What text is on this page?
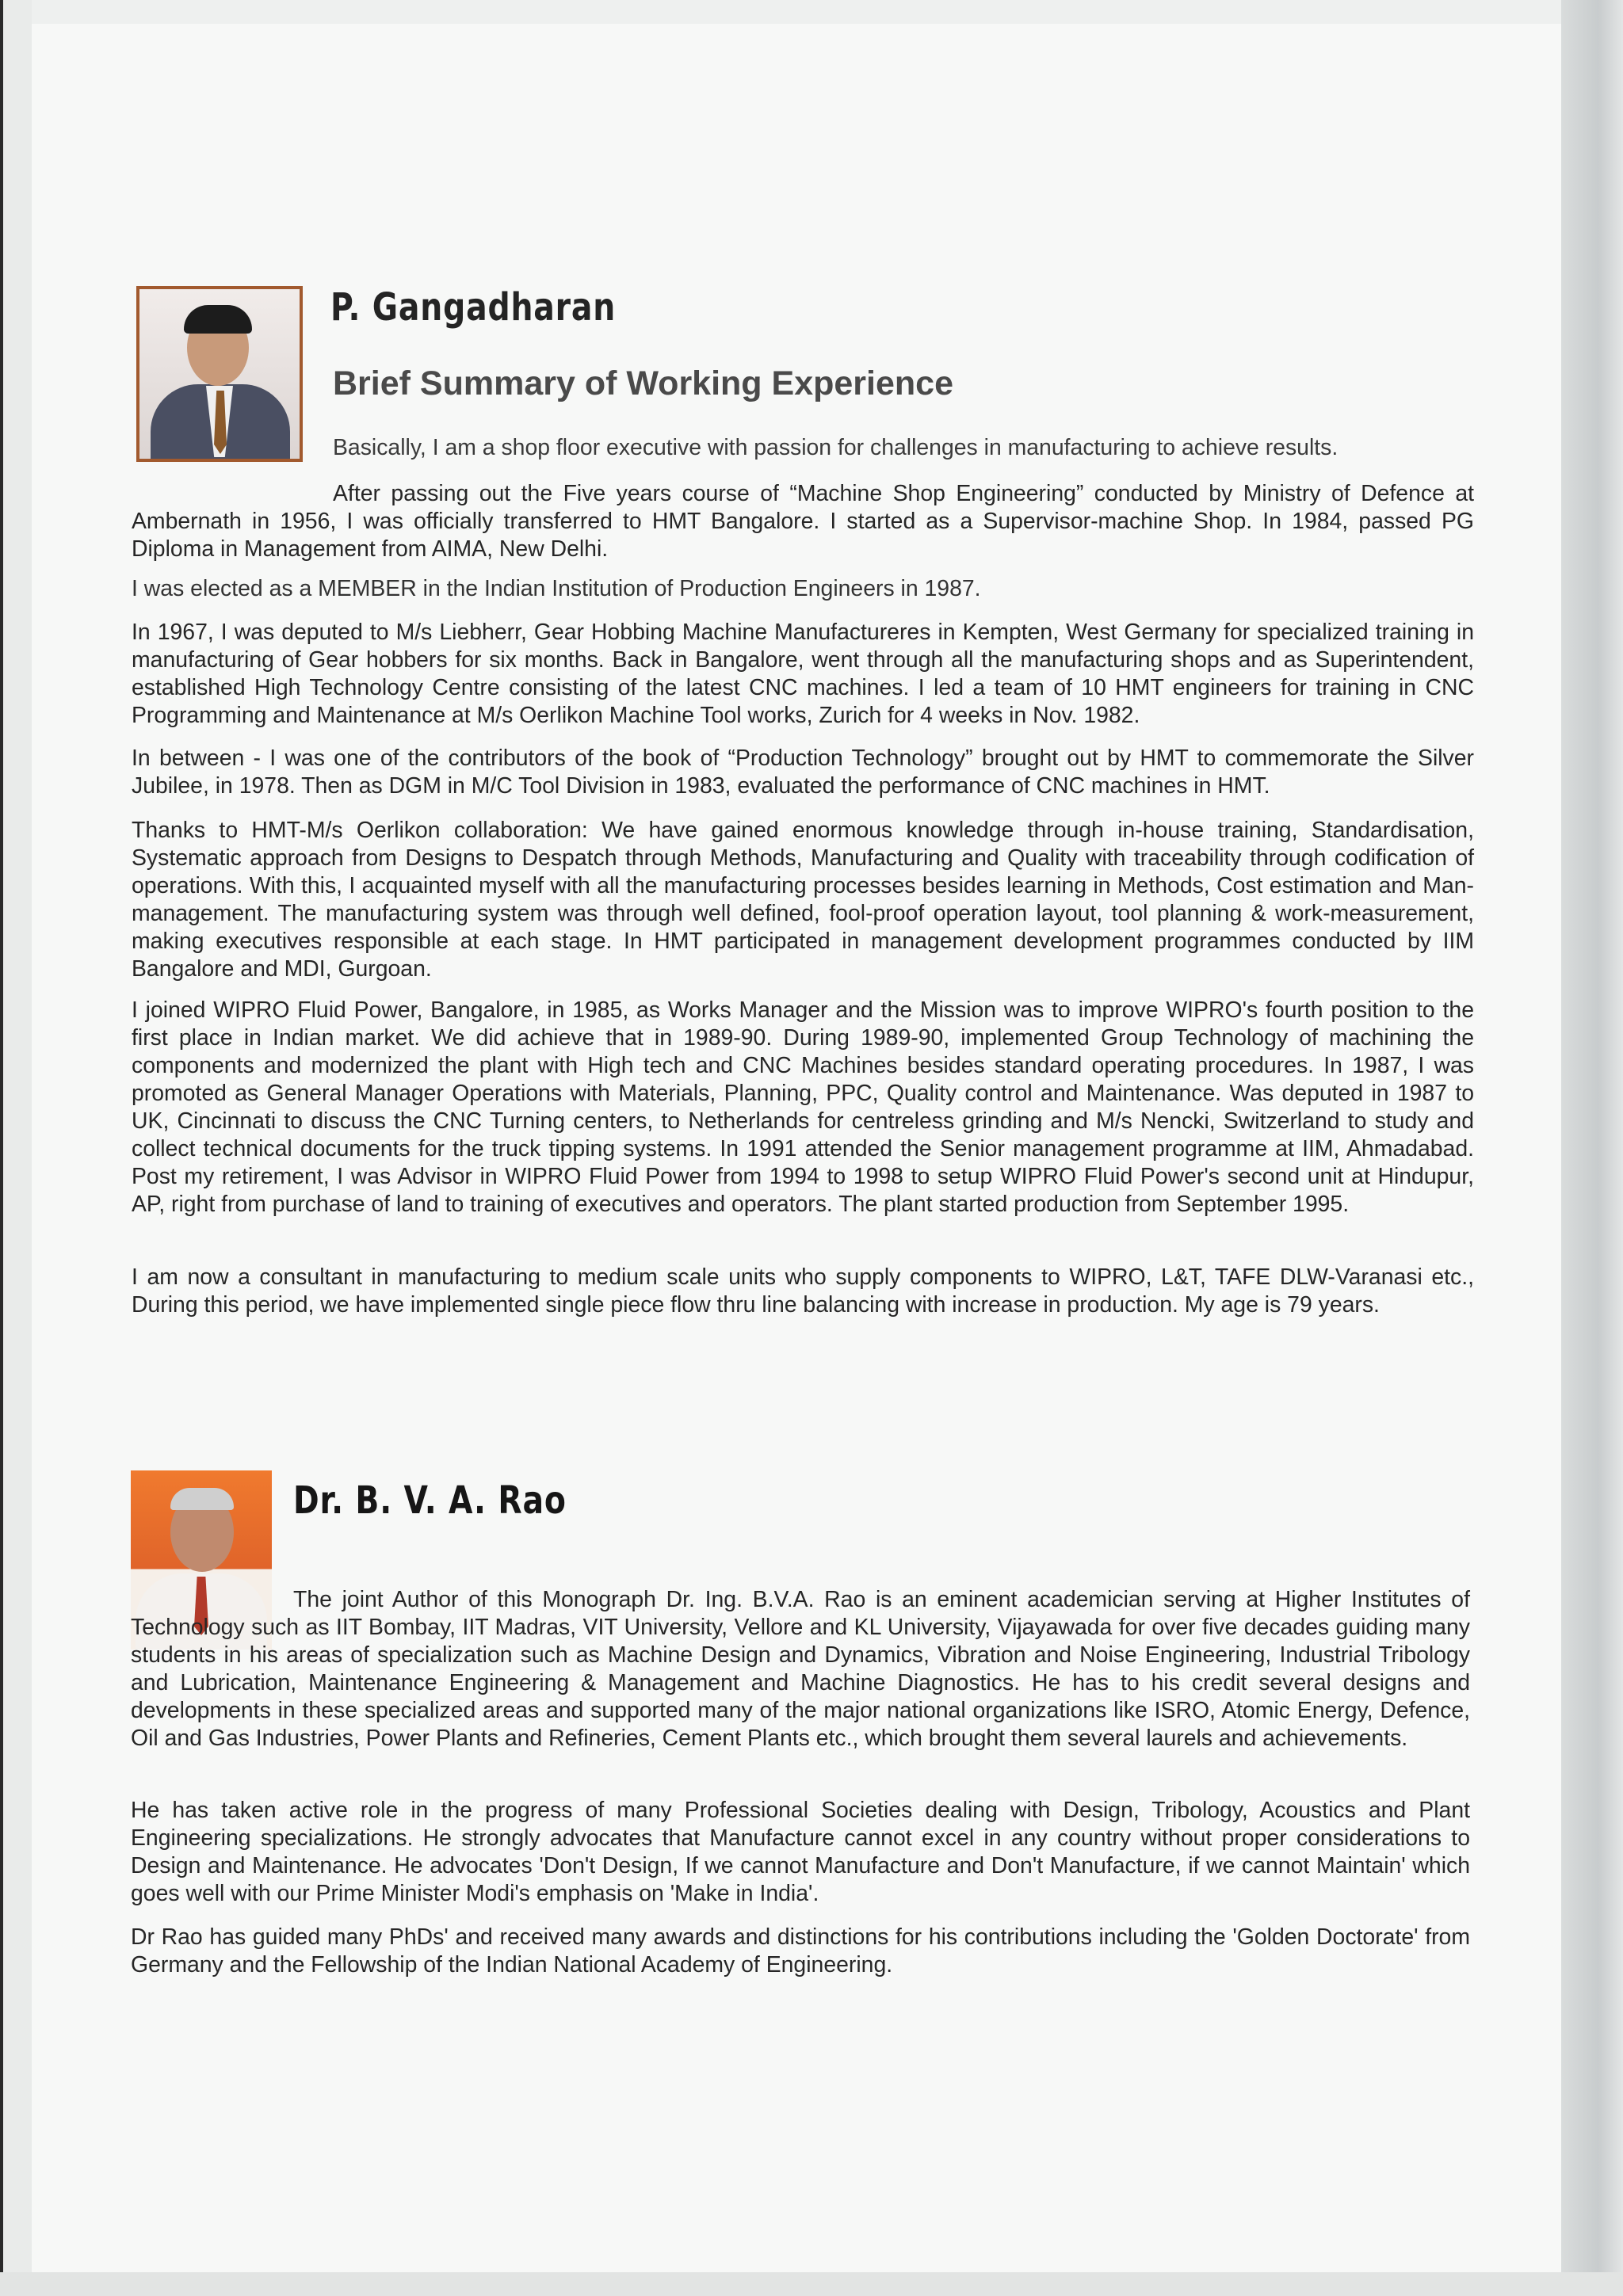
P. Gangadharan
Brief Summary of Working Experience

Basically, I am a shop floor executive with passion for challenges in manufacturing to achieve results.

After passing out the Five years course of “Machine Shop Engineering” conducted by Ministry of Defence at Ambernath in 1956, I was officially transferred to HMT Bangalore. I started as a Supervisor-machine Shop. In 1984, passed PG Diploma in Management from AIMA, New Delhi.

I was elected as a MEMBER in the Indian Institution of Production Engineers in 1987.

In 1967, I was deputed to M/s Liebherr, Gear Hobbing Machine Manufactureres in Kempten, West Germany for specialized training in manufacturing of Gear hobbers for six months. Back in Bangalore, went through all the manufacturing shops and as Superintendent, established High Technology Centre consisting of the latest CNC machines. I led a team of 10 HMT engineers for training in CNC Programming and Maintenance at M/s Oerlikon Machine Tool works, Zurich for 4 weeks in Nov. 1982.

In between - I was one of the contributors of the book of “Production Technology” brought out by HMT to commemorate the Silver Jubilee, in 1978. Then as DGM in M/C Tool Division in 1983, evaluated the performance of CNC machines in HMT.

Thanks to HMT-M/s Oerlikon collaboration: We have gained enormous knowledge through in-house training, Standardisation, Systematic approach from Designs to Despatch through Methods, Manufacturing and Quality with traceability through codification of operations. With this, I acquainted myself with all the manufacturing processes besides learning in Methods, Cost estimation and Man-management. The manufacturing system was through well defined, fool-proof operation layout, tool planning & work-measurement, making executives responsible at each stage. In HMT participated in management development programmes conducted by IIM Bangalore and MDI, Gurgoan.

I joined WIPRO Fluid Power, Bangalore, in 1985, as Works Manager and the Mission was to improve WIPRO's fourth position to the first place in Indian market. We did achieve that in 1989-90. During 1989-90, implemented Group Technology of machining the components and modernized the plant with High tech and CNC Machines besides standard operating procedures. In 1987, I was promoted as General Manager Operations with Materials, Planning, PPC, Quality control and Maintenance. Was deputed in 1987 to UK, Cincinnati to discuss the CNC Turning centers, to Netherlands for centreless grinding and M/s Nencki, Switzerland to study and collect technical documents for the truck tipping systems. In 1991 attended the Senior management programme at IIM, Ahmadabad. Post my retirement, I was Advisor in WIPRO Fluid Power from 1994 to 1998 to setup WIPRO Fluid Power's second unit at Hindupur, AP, right from purchase of land to training of executives and operators. The plant started production from September 1995.

I am now a consultant in manufacturing to medium scale units who supply components to WIPRO, L&T, TAFE DLW-Varanasi etc., During this period, we have implemented single piece flow thru line balancing with increase in production. My age is 79 years.

Dr. B. V. A. Rao

The joint Author of this Monograph Dr. Ing. B.V.A. Rao is an eminent academician serving at Higher Institutes of Technology such as IIT Bombay, IIT Madras, VIT University, Vellore and KL University, Vijayawada for over five decades guiding many students in his areas of specialization such as Machine Design and Dynamics, Vibration and Noise Engineering, Industrial Tribology and Lubrication, Maintenance Engineering & Management and Machine Diagnostics. He has to his credit several designs and developments in these specialized areas and supported many of the major national organizations like ISRO, Atomic Energy, Defence, Oil and Gas Industries, Power Plants and Refineries, Cement Plants etc., which brought them several laurels and achievements.

He has taken active role in the progress of many Professional Societies dealing with Design, Tribology, Acoustics and Plant Engineering specializations. He strongly advocates that Manufacture cannot excel in any country without proper considerations to Design and Maintenance. He advocates 'Don't Design, If we cannot Manufacture and Don't Manufacture, if we cannot Maintain' which goes well with our Prime Minister Modi's emphasis on 'Make in India'.

Dr Rao has guided many PhDs' and received many awards and distinctions for his contributions including the 'Golden Doctorate' from Germany and the Fellowship of the Indian National Academy of Engineering.
